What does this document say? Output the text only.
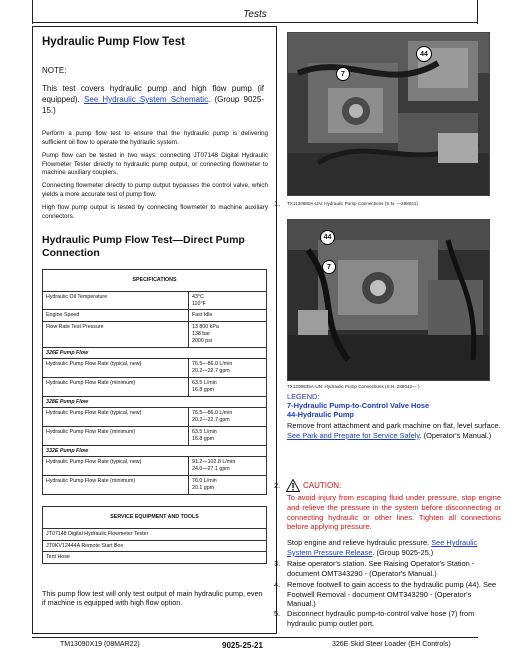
Tests
Hydraulic Pump Flow Test
NOTE:
This test covers hydraulic pump and high flow pump (if equipped). See Hydraulic System Schematic. (Group 9025-15.)
Perform a pump flow test to ensure that the hydraulic pump is delivering sufficient oil flow to operate the hydraulic system.
Pump flow can be tested in two ways: connecting JT07148 Digital Hydraulic Flowmeter Tester directly to hydraulic pump output, or connecting flowmeter to machine auxiliary couplers.
Connecting flowmeter directly to pump output bypasses the control valve, which yields a more accurate test of pump flow.
High flow pump output is tested by connecting flowmeter to machine auxiliary connectors.
Hydraulic Pump Flow Test—Direct Pump Connection
SPECIFICATIONS	
Hydraulic Oil Temperature	43°C
110°F
Engine Speed	Fast Idle
Flow Rate Test Pressure	13 800 kPa
138 bar
2000 psi
326E Pump Flow	
Hydraulic Pump Flow Rate (typical, new)	76.5—86.0 L/min
20.2—22.7 gpm
Hydraulic Pump Flow Rate (minimum)	63.5 L/min
16.8 gpm
328E Pump Flow	
Hydraulic Pump Flow Rate (typical, new)	76.5—86.0 L/min
20.2—22.7 gpm
Hydraulic Pump Flow Rate (minimum)	63.5 L/min
16.8 gpm
332E Pump Flow	
Hydraulic Pump Flow Rate (typical, new)	91.2—102.8 L/min
24.0—27.1 gpm
Hydraulic Pump Flow Rate (minimum)	76.0 L/min
20.1 gpm
SERVICE EQUIPMENT AND TOOLS
JT07148 Digital Hydraulic Flowmeter Tester
JT0KV12444A Remote Start Box
Tent Hose
This pump flow test will only test output of main hydraulic pump, even if machine is equipped with high flow option.
7
44
1. TX1130680A-UN: Hydraulic Pump Connections (S.N. —288041)
44
7
TX1208635A-UN: Hydraulic Pump Connections (S.N. 288042— )
LEGEND:
7-Hydraulic Pump-to-Control Valve Hose
44-Hydraulic Pump
Remove front attachment and park machine on flat, level surface. See Park and Prepare for Service Safely. (Operator's Manual.)
2.	CAUTION:
To avoid injury from escaping fluid under pressure, stop engine and relieve the pressure in the system before disconnecting or connecting hydraulic or other lines. Tighten all connections before applying pressure.
Stop engine and relieve hydraulic pressure. See Hydraulic System Pressure Release. (Group 9025-25.)
3. Raise operator's station. See Raising Operator's Station - document OMT343290 - (Operator's Manual.)
4. Remove footwell to gain access to the hydraulic pump (44). See Footwell Removal - document OMT343290 - (Operator's Manual.)
5. Disconnect hydraulic pump-to-control valve hose (7) from hydraulic pump outlet port.
TM13090X19 (08MAR22)	9025-25-21	326E Skid Steer Loader (EH Controls)
